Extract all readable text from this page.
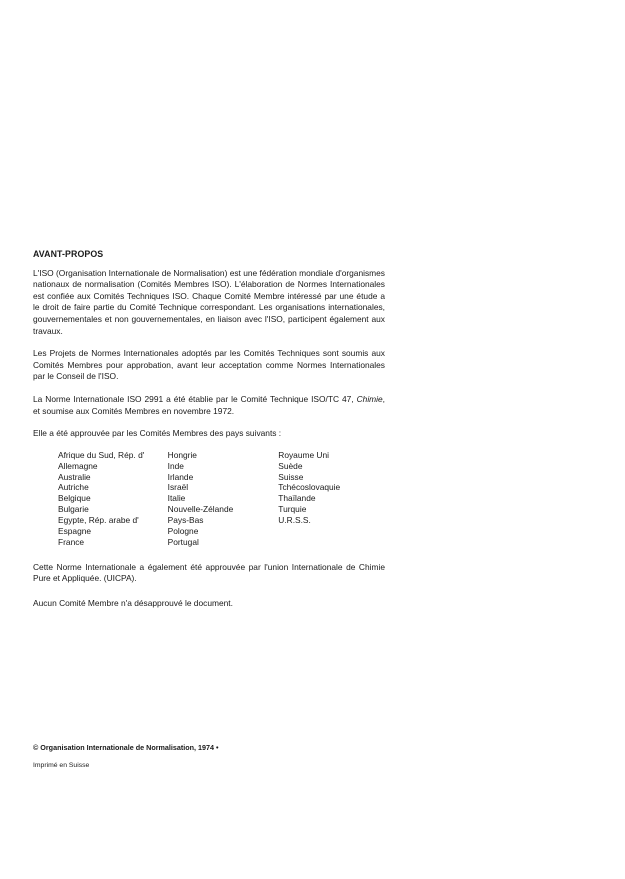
AVANT-PROPOS

L'ISO (Organisation Internationale de Normalisation) est une fédération mondiale d'organismes nationaux de normalisation (Comités Membres ISO). L'élaboration de Normes Internationales est confiée aux Comités Techniques ISO. Chaque Comité Membre intéressé par une étude a le droit de faire partie du Comité Technique correspondant. Les organisations internationales, gouvernementales et non gouvernementales, en liaison avec l'ISO, participent également aux travaux.

Les Projets de Normes Internationales adoptés par les Comités Techniques sont soumis aux Comités Membres pour approbation, avant leur acceptation comme Normes Internationales par le Conseil de l'ISO.

La Norme Internationale ISO 2991 a été établie par le Comité Technique ISO/TC 47, Chimie, et soumise aux Comités Membres en novembre 1972.

Elle a été approuvée par les Comités Membres des pays suivants :

Afrique du Sud, Rép. d'
Allemagne
Australie
Autriche
Belgique
Bulgarie
Egypte, Rép. arabe d'
Espagne
France
Hongrie
Inde
Irlande
Israël
Italie
Nouvelle-Zélande
Pays-Bas
Pologne
Portugal
Royaume Uni
Suède
Suisse
Tchécoslovaquie
Thaïlande
Turquie
U.R.S.S.

Cette Norme Internationale a également été approuvée par l'union Internationale de Chimie Pure et Appliquée. (UICPA).

Aucun Comité Membre n'a désapprouvé le document.

© Organisation Internationale de Normalisation, 1974 •
Imprimé en Suisse
